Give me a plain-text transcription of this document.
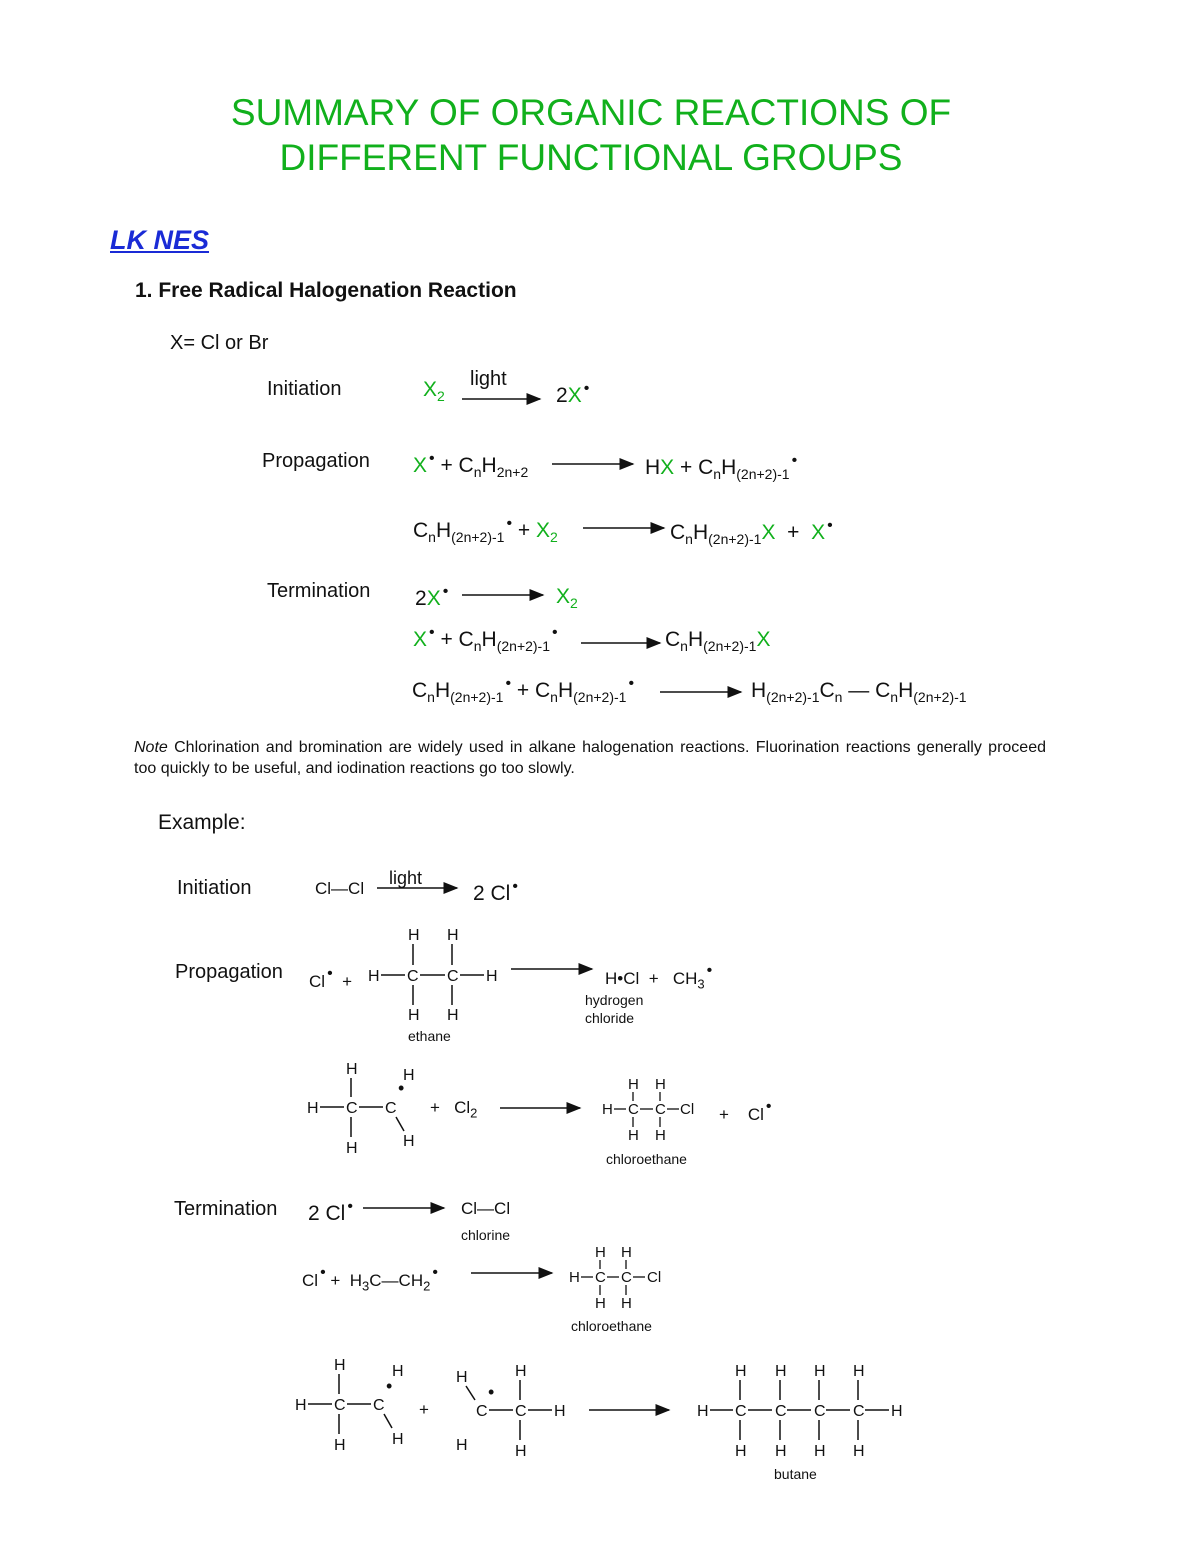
SUMMARY OF ORGANIC REACTIONS OF
DIFFERENT FUNCTIONAL GROUPS
LK NES
1. Free Radical Halogenation Reaction
X= Cl or Br
Initiation
Propagation
Termination
light
$X_2$	2X •
X $^• + C_nH_{2n+2}$	HX + $C_nH_{(2n+2)-1}^•$
$C_nH_{(2n+2)-1}^• + X_2$	$C_nH_{(2n+2)-1}X + X$ •
2X •	$X_2$
X $^• + C_nH_{(2n+2)-1}^•$	$C_nH_{(2n+2)-1}X$
$C_nH_{(2n+2)-1}^• + C_nH_{(2n+2)-1}^•$	$H_{(2n+2)-1}C_n$ — $C_nH_{(2n+2)-1}$
Note Chlorination and bromination are widely used in alkane halogenation reactions. Fluorination reactions generally proceed too quickly to be useful, and iodination reactions go too slowly.
Example:
Initiation
Propagation
Termination
light
Cl—Cl	2 Cl •
Cl •  +	H•Cl  +   $CH_3•$
ethane
hydrogen
chloride
+   $Cl_2$	+    Cl •
chloroethane
2 Cl •	Cl—Cl
chlorine
Cl • +  $H_3C—CH_2•$
chloroethane
+
butane
H H
H C C H
H H
H	H
H C C
H	H
•	H H
H C C Cl
H H
H H
H C C Cl
H H
H	H
H C C
H	H
•	H	H
C C H
H	H
•
H H H H
H C C C C H
H H H H
